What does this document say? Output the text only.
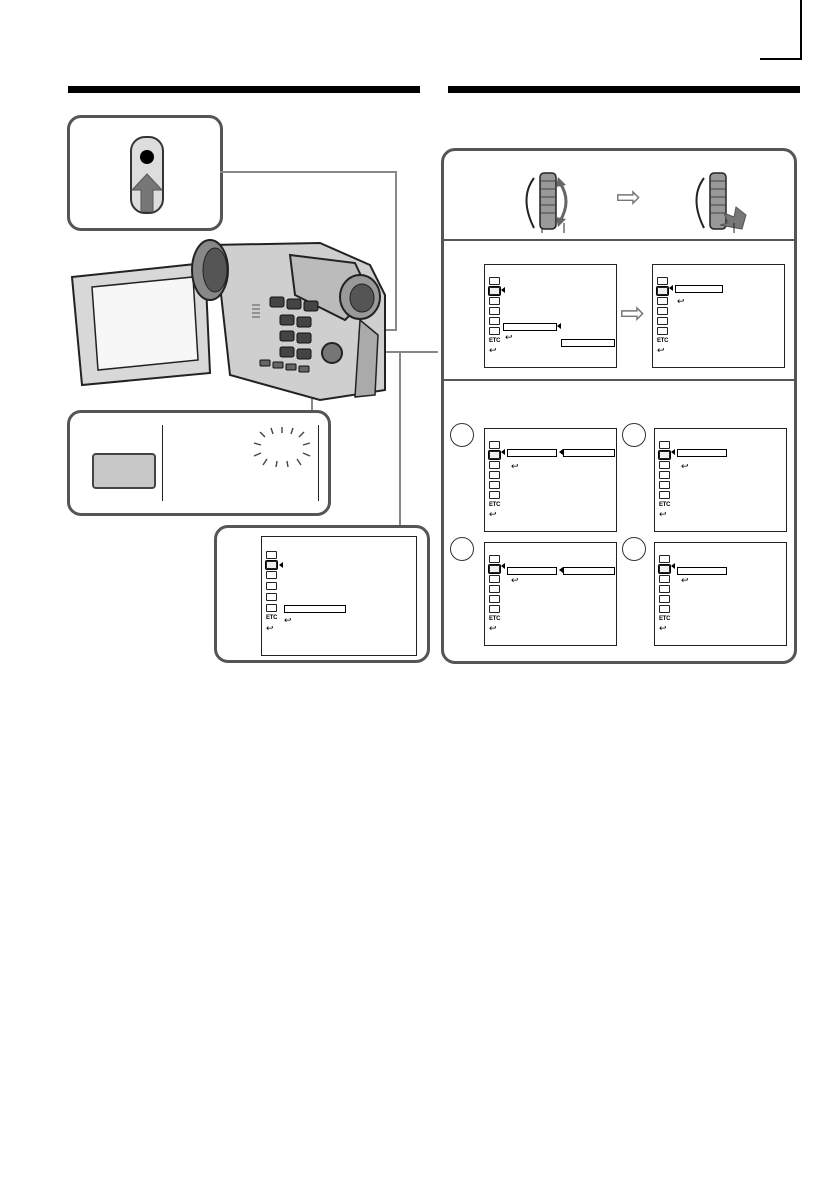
ETC
↩
↩
⇨
ETC
↩
↩
⇨
ETC
↩
↩
ETC
↩
↩
ETC
↩
↩
ETC
↩
↩
ETC
↩
↩
